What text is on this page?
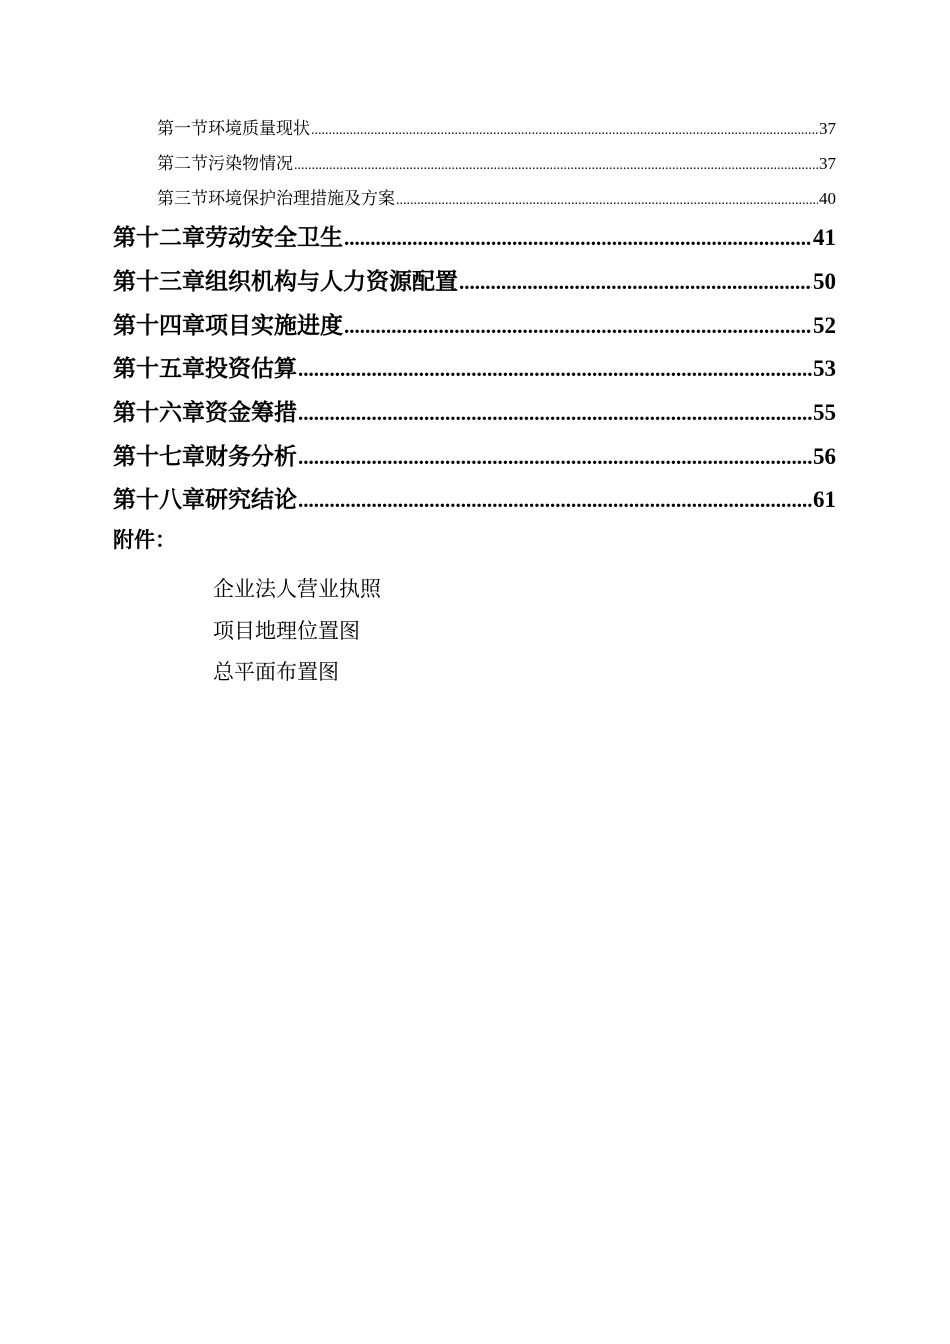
第一节 环境质量现状 .....	37
第二节 污染物情况 .....	37
第三节 环境保护治理措施及方案 .....	40
第十二章 劳动安全卫生 .....	41
第十三章 组织机构与人力资源配置 .....	50
第十四章 项目实施进度 .....	52
第十五章 投资估算 .....	53
第十六章 资金筹措 .....	55
第十七章 财务分析 .....	56
第十八章 研究结论 .....	61
附件：
企业法人营业执照
项目地理位置图
总平面布置图
